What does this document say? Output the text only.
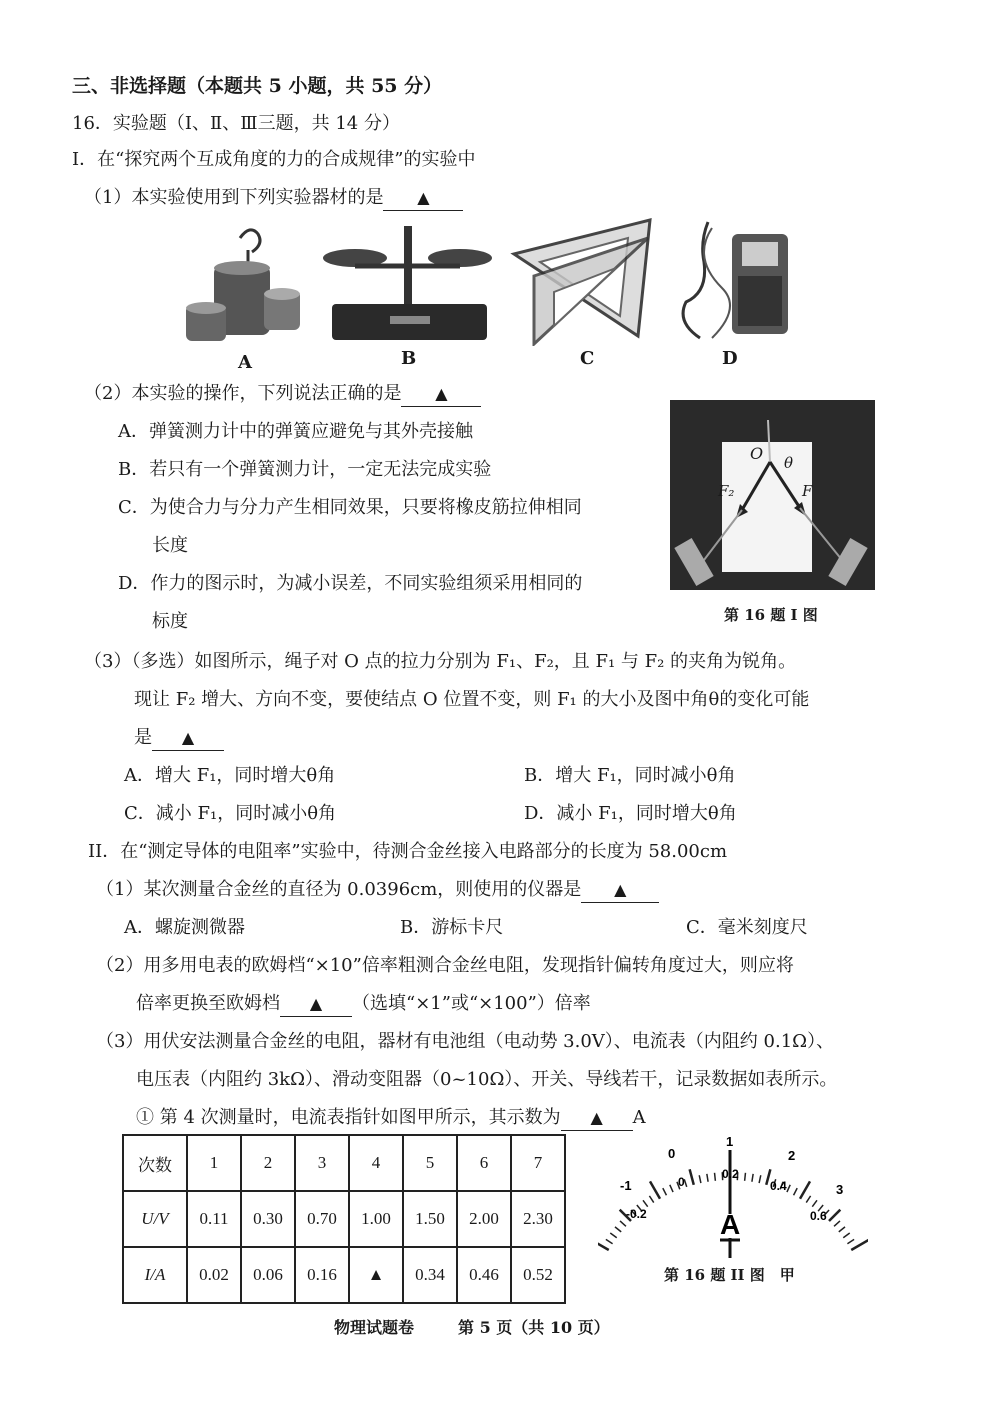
三、非选择题（本题共 5 小题，共 55 分）
16．实验题（Ⅰ、Ⅱ、Ⅲ三题，共 14 分）
I．在“探究两个互成角度的力的合成规律”的实验中
（1）本实验使用到下列实验器材的是 ▲
A	B	C	D
（2）本实验的操作，下列说法正确的是 ▲
A．弹簧测力计中的弹簧应避免与其外壳接触
B．若只有一个弹簧测力计，一定无法完成实验
C．为使合力与分力产生相同效果，只要将橡皮筋拉伸相同
长度
D．作力的图示时，为减小误差，不同实验组须采用相同的
标度
O θ
F
F₂
第 16 题 I 图
（3）（多选）如图所示，绳子对 O 点的拉力分别为 F₁、F₂，且 F₁ 与 F₂ 的夹角为锐角。
现让 F₂ 增大、方向不变，要使结点 O 位置不变，则 F₁ 的大小及图中角θ的变化可能
是 ▲
A．增大 F₁，同时增大θ角	B．增大 F₁，同时减小θ角
C．减小 F₁，同时减小θ角	D．减小 F₁，同时增大θ角
II．在“测定导体的电阻率”实验中，待测合金丝接入电路部分的长度为 58.00cm
（1）某次测量合金丝的直径为 0.0396cm，则使用的仪器是 ▲
A．螺旋测微器	B．游标卡尺	C．毫米刻度尺
（2）用多用电表的欧姆档“×10”倍率粗测合金丝电阻，发现指针偏转角度过大，则应将
倍率更换至欧姆档 ▲ （选填“×1”或“×100”）倍率
（3）用伏安法测量合金丝的电阻，器材有电池组（电动势 3.0V）、电流表（内阻约 0.1Ω）、
电压表（内阻约 3kΩ）、滑动变阻器（0~10Ω）、开关、导线若干，记录数据如表所示。
① 第 4 次测量时，电流表指针如图甲所示，其示数为 ▲ A
次数	1	2	3	4	5	6	7
U/V	0.11	0.30	0.70	1.00	1.50	2.00	2.30
I/A	0.02	0.06	0.16	▲	0.34	0.46	0.52
-1
0
1
2
3
-0.2
0
0.2
0.4
0.6
A
第 16 题 II 图　甲
物理试题卷	第 5 页（共 10 页）
